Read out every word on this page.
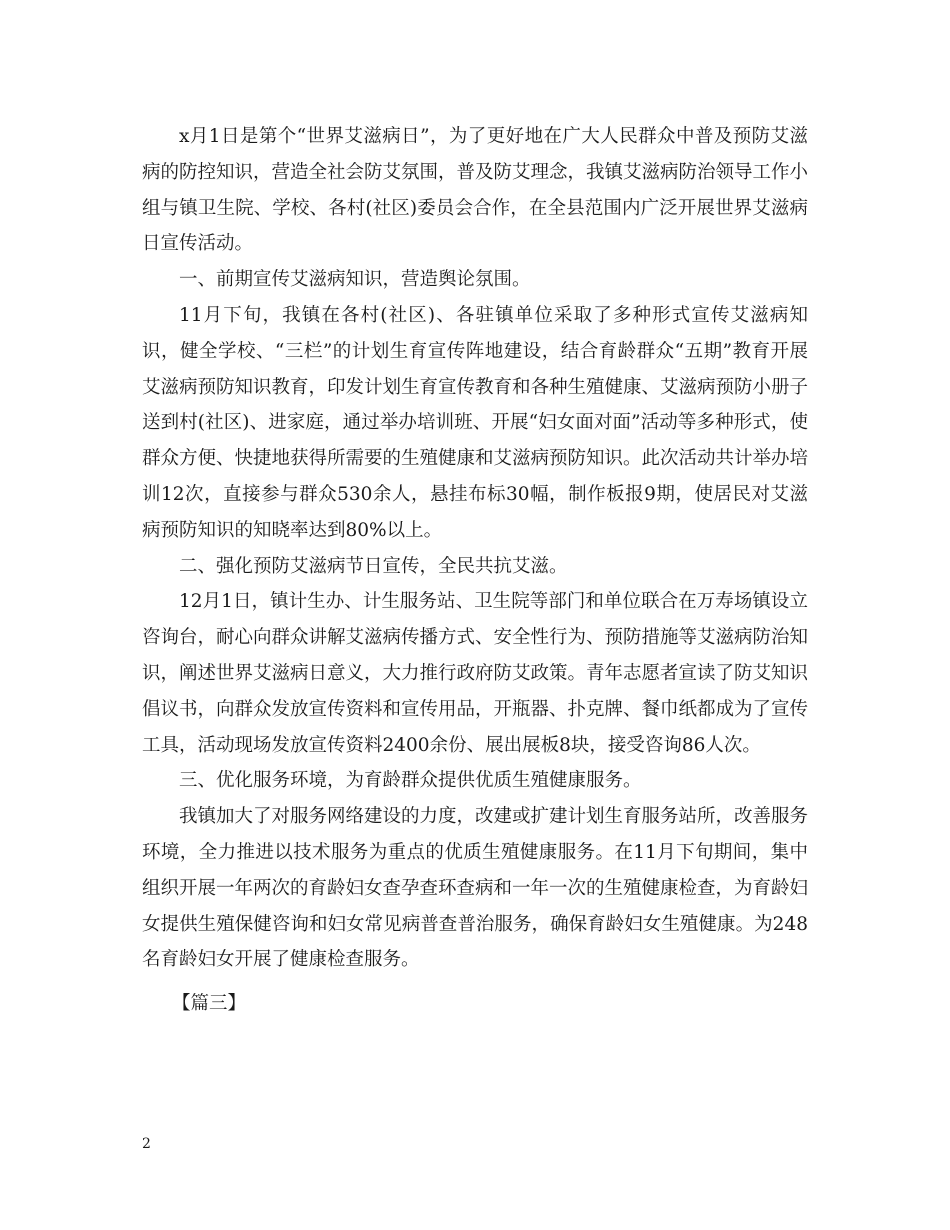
x月1日是第个“世界艾滋病日”，为了更好地在广大人民群众中普及预防艾滋病的防控知识，营造全社会防艾氛围，普及防艾理念，我镇艾滋病防治领导工作小组与镇卫生院、学校、各村(社区)委员会合作，在全县范围内广泛开展世界艾滋病日宣传活动。

一、前期宣传艾滋病知识，营造舆论氛围。

11月下旬，我镇在各村(社区)、各驻镇单位采取了多种形式宣传艾滋病知识，健全学校、“三栏”的计划生育宣传阵地建设，结合育龄群众“五期”教育开展艾滋病预防知识教育，印发计划生育宣传教育和各种生殖健康、艾滋病预防小册子送到村(社区)、进家庭，通过举办培训班、开展“妇女面对面”活动等多种形式，使群众方便、快捷地获得所需要的生殖健康和艾滋病预防知识。此次活动共计举办培训12次，直接参与群众530余人，悬挂布标30幅，制作板报9期，使居民对艾滋病预防知识的知晓率达到80%以上。

二、强化预防艾滋病节日宣传，全民共抗艾滋。

12月1日，镇计生办、计生服务站、卫生院等部门和单位联合在万寿场镇设立咨询台，耐心向群众讲解艾滋病传播方式、安全性行为、预防措施等艾滋病防治知识，阐述世界艾滋病日意义，大力推行政府防艾政策。青年志愿者宣读了防艾知识倡议书，向群众发放宣传资料和宣传用品，开瓶器、扑克牌、餐巾纸都成为了宣传工具，活动现场发放宣传资料2400余份、展出展板8块，接受咨询86人次。

三、优化服务环境，为育龄群众提供优质生殖健康服务。

我镇加大了对服务网络建设的力度，改建或扩建计划生育服务站所，改善服务环境，全力推进以技术服务为重点的优质生殖健康服务。在11月下旬期间，集中组织开展一年两次的育龄妇女查孕查环查病和一年一次的生殖健康检查，为育龄妇女提供生殖保健咨询和妇女常见病普查普治服务，确保育龄妇女生殖健康。为248名育龄妇女开展了健康检查服务。

【篇三】

2
